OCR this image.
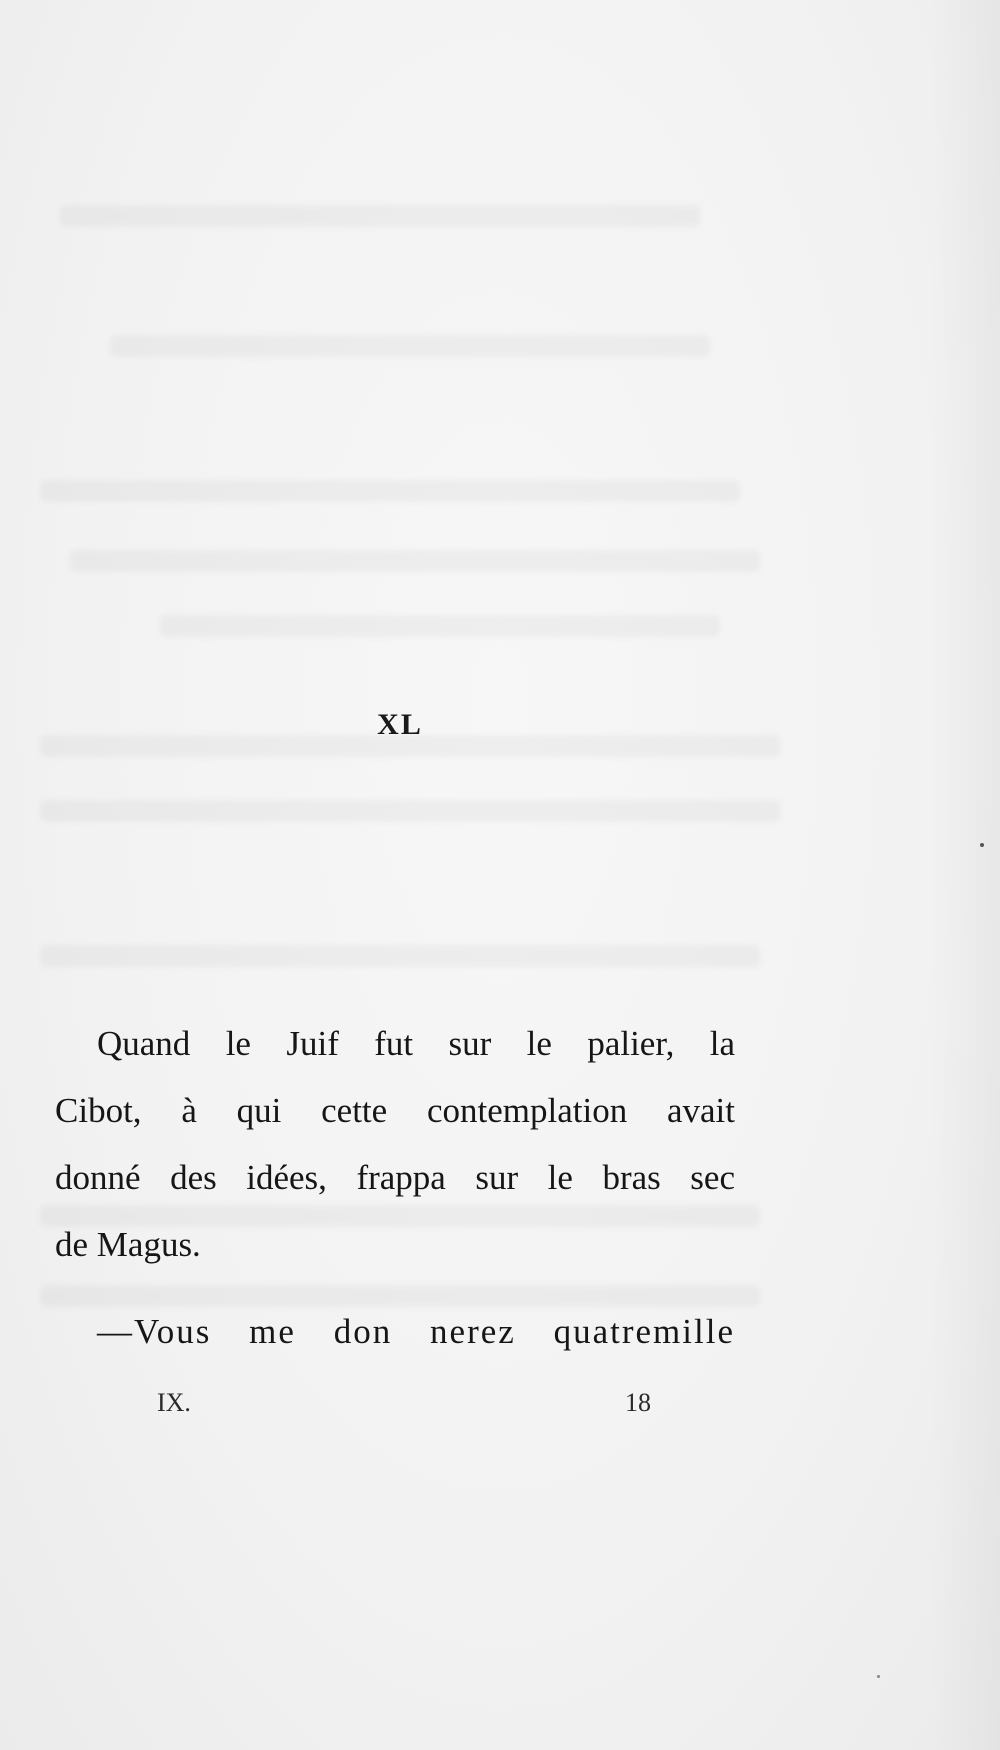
XL
Quand le Juif fut sur le palier, la
Cibot, à qui cette contemplation avait
donné des idées, frappa sur le bras sec
de Magus.
—Vous me don nerez quatremille
IX.	18
